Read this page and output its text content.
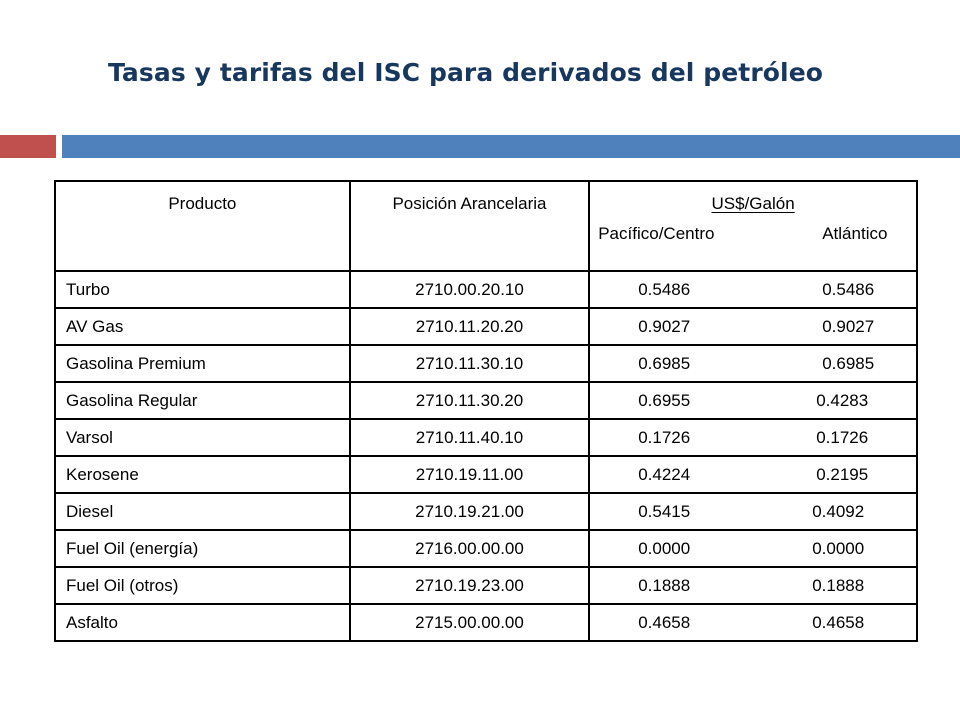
Tasas y tarifas del ISC para derivados del petróleo
Producto	Posición Arancelaria	US$/Galón
Pacífico/Centro Atlántico

Turbo	2710.00.20.10	0.5486 0.5486

AV Gas	2710.11.20.20	0.9027 0.9027

Gasolina Premium	2710.11.30.10	0.6985 0.6985

Gasolina Regular	2710.11.30.20	0.6955 0.4283

Varsol	2710.11.40.10	0.1726 0.1726

Kerosene	2710.19.11.00	0.4224 0.2195

Diesel	2710.19.21.00	0.5415 0.4092

Fuel Oil (energía)	2716.00.00.00	0.0000 0.0000

Fuel Oil (otros)	2710.19.23.00	0.1888 0.1888

Asfalto	2715.00.00.00	0.4658 0.4658
